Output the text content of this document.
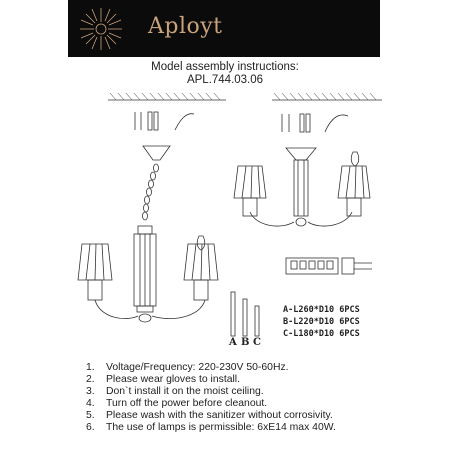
Aployt
Model assembly instructions:
APL.744.03.06
A B C
A-L260*D10 6PCS
B-L220*D10 6PCS
C-L180*D10 6PCS
1.	Voltage/Frequency: 220-230V 50-60Hz.
2.	Please wear gloves to install.
3.	Don`t install it on the moist ceiling.
4.	Turn off the power before cleanout.
5.	Please wash with the sanitizer without corrosivity.
6.	The use of lamps is permissible: 6xE14 max 40W.
